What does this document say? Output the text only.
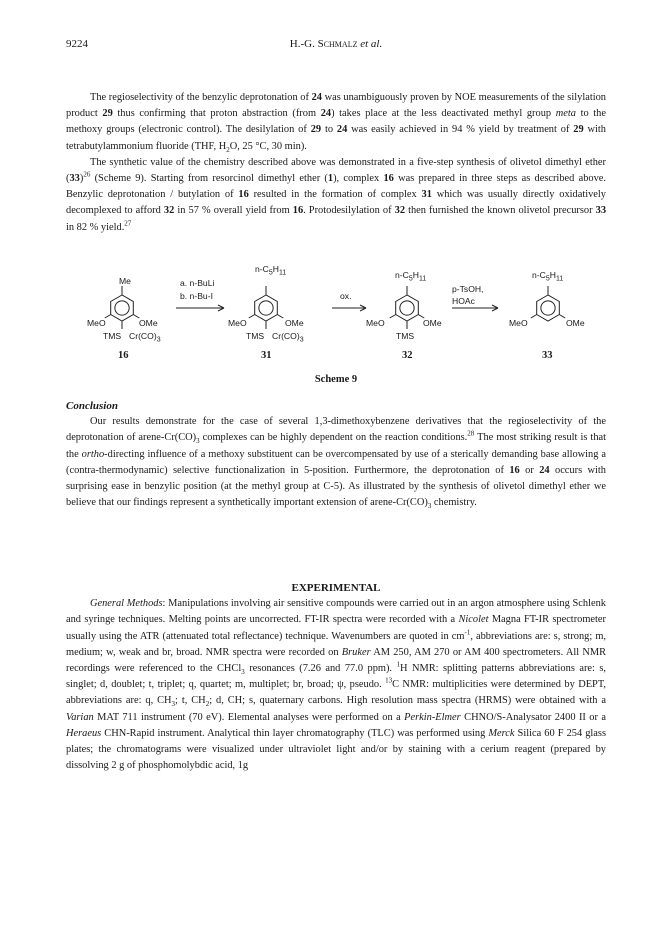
9224	H.-G. Schmalz et al.

The regioselectivity of the benzylic deprotonation of 24 was unambiguously proven by NOE measurements of the silylation product 29 thus confirming that proton abstraction (from 24) takes place at the less deactivated methyl group meta to the methoxy groups (electronic control). The desilylation of 29 to 24 was easily achieved in 94 % yield by treatment of 29 with tetrabutylammonium fluoride (THF, $H_2O$, 25 °C, 30 min).

The synthetic value of the chemistry described above was demonstrated in a five-step synthesis of olivetol dimethyl ether $(33)^{26}$ (Scheme 9). Starting from resorcinol dimethyl ether (1), complex 16 was prepared in three steps as described above. Benzylic deprotonation / butylation of 16 resulted in the formation of complex 31 which was usually directly oxidatively decomplexed to afford 32 in 57 % overall yield from 16. Protodesilylation of 32 then furnished the known olivetol precursor 33 in 82 % yield.$^{27}$

Me
MeO	OMe
TMS $Cr(CO)_3$
16
a. n-BuLi
b. n-Bu-I
$n-C_5H_{11}$
MeO	OMe
TMS $Cr(CO)_3$
31
ox.
$n-C_5H_{11}$
MeO	OMe
TMS
32
p-TsOH,
HOAc
$n-C_5H_{11}$
MeO	OMe
33
Scheme 9

Conclusion

Our results demonstrate for the case of several 1,3-dimethoxybenzene derivatives that the regioselectivity of the deprotonation of arene-$Cr(CO)_3$ complexes can be highly dependent on the reaction conditions.$^{28}$ The most striking result is that the ortho-directing influence of a methoxy substituent can be overcompensated by use of a sterically demanding base allowing a (contra-thermodynamic) selective functionalization in 5-position. Furthermore, the deprotonation of 16 or 24 occurs with surprising ease in benzylic position (at the methyl group at C-5). As illustrated by the synthesis of olivetol dimethyl ether we believe that our findings represent a synthetically important extension of arene-$Cr(CO)_3$ chemistry.

EXPERIMENTAL

General Methods: Manipulations involving air sensitive compounds were carried out in an argon atmosphere using Schlenk and syringe techniques. Melting points are uncorrected. FT-IR spectra were recorded with a Nicolet Magna FT-IR spectrometer usually using the ATR (attenuated total reflectance) technique. Wavenumbers are quoted in $cm^{-1}$, abbreviations are: s, strong; m, medium; w, weak and br, broad. NMR spectra were recorded on Bruker AM 250, AM 270 or AM 400 spectrometers. All NMR recordings were referenced to the CHCl$_3$ resonances (7.26 and 77.0 ppm). $^1$H NMR: splitting patterns abbreviations are: s, singlet; d, doublet; t, triplet; q, quartet; m, multiplet; br, broad; ψ, pseudo. $^{13}$C NMR: multiplicities were determined by DEPT, abbreviations are: q, $CH_3$; t, $CH_2$; d, CH; s, quaternary carbons. High resolution mass spectra (HRMS) were obtained with a Varian MAT 711 instrument (70 eV). Elemental analyses were performed on a Perkin-Elmer CHNO/S-Analysator 2400 II or a Heraeus CHN-Rapid instrument. Analytical thin layer chromatography (TLC) was performed using Merck Silica 60 F 254 glass plates; the chromatograms were visualized under ultraviolet light and/or by staining with a cerium reagent (prepared by dissolving 2 g of phosphomolybdic acid, 1g
